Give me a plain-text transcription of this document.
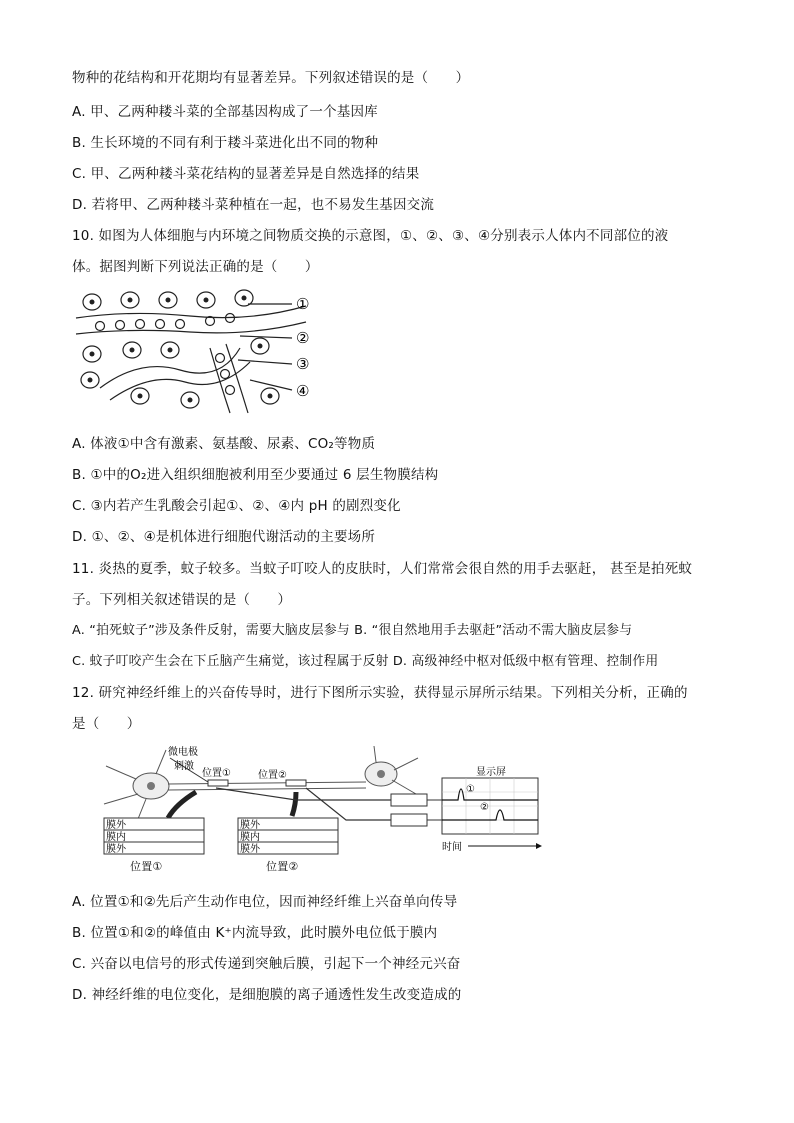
物种的花结构和开花期均有显著差异。下列叙述错误的是（　　）
A. 甲、乙两种耧斗菜的全部基因构成了一个基因库
B. 生长环境的不同有利于耧斗菜进化出不同的物种
C. 甲、乙两种耧斗菜花结构的显著差异是自然选择的结果
D. 若将甲、乙两种耧斗菜种植在一起，也不易发生基因交流
10. 如图为人体细胞与内环境之间物质交换的示意图，①、②、③、④分别表示人体内不同部位的液
体。据图判断下列说法正确的是（　　）
①
②
③
④
A. 体液①中含有激素、氨基酸、尿素、CO₂等物质
B. ①中的O₂进入组织细胞被利用至少要通过 6 层生物膜结构
C. ③内若产生乳酸会引起①、②、④内 pH 的剧烈变化
D. ①、②、④是机体进行细胞代谢活动的主要场所
11. 炎热的夏季，蚊子较多。当蚊子叮咬人的皮肤时，人们常常会很自然的用手去驱赶， 甚至是拍死蚊
子。下列相关叙述错误的是（　　）
A. “拍死蚊子”涉及条件反射，需要大脑皮层参与 B. “很自然地用手去驱赶”活动不需大脑皮层参与
C. 蚊子叮咬产生会在下丘脑产生痛觉，该过程属于反射 D. 高级神经中枢对低级中枢有管理、控制作用
12. 研究神经纤维上的兴奋传导时，进行下图所示实验，获得显示屏所示结果。下列相关分析，正确的
是（　　）
微电极
刺激
位置①	位置②	显示屏
①
②
时间
膜外
膜内
膜外
膜外
膜内
膜外
位置①	位置②
A. 位置①和②先后产生动作电位，因而神经纤维上兴奋单向传导
B. 位置①和②的峰值由 K⁺内流导致，此时膜外电位低于膜内
C. 兴奋以电信号的形式传递到突触后膜，引起下一个神经元兴奋
D. 神经纤维的电位变化，是细胞膜的离子通透性发生改变造成的
